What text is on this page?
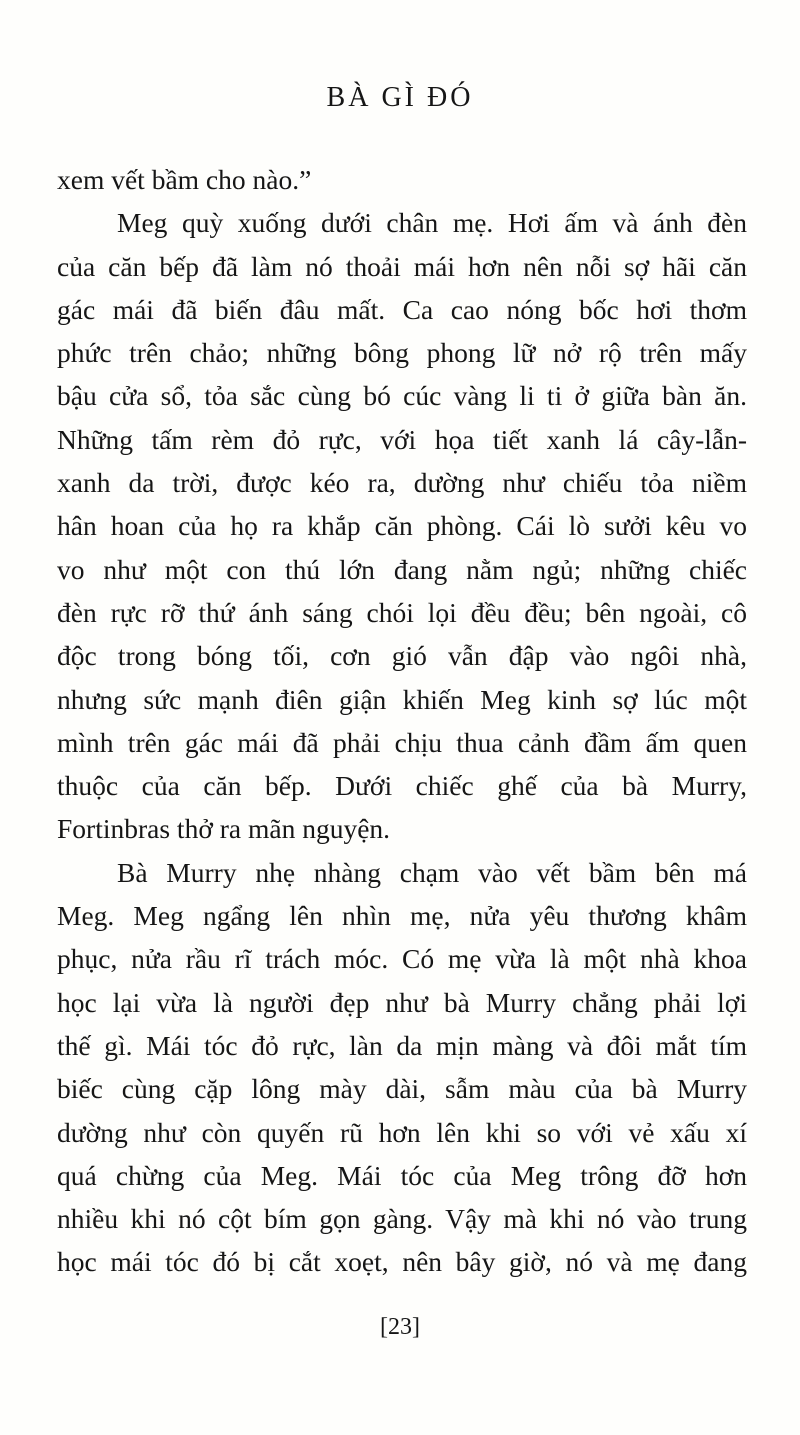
BÀ GÌ ĐÓ
xem vết bầm cho nào.”
Meg quỳ xuống dưới chân mẹ. Hơi ấm và ánh đèn
của căn bếp đã làm nó thoải mái hơn nên nỗi sợ hãi căn
gác mái đã biến đâu mất. Ca cao nóng bốc hơi thơm
phức trên chảo; những bông phong lữ nở rộ trên mấy
bậu cửa sổ, tỏa sắc cùng bó cúc vàng li ti ở giữa bàn ăn.
Những tấm rèm đỏ rực, với họa tiết xanh lá cây-lẫn-
xanh da trời, được kéo ra, dường như chiếu tỏa niềm
hân hoan của họ ra khắp căn phòng. Cái lò sưởi kêu vo
vo như một con thú lớn đang nằm ngủ; những chiếc
đèn rực rỡ thứ ánh sáng chói lọi đều đều; bên ngoài, cô
độc trong bóng tối, cơn gió vẫn đập vào ngôi nhà,
nhưng sức mạnh điên giận khiến Meg kinh sợ lúc một
mình trên gác mái đã phải chịu thua cảnh đầm ấm quen
thuộc của căn bếp. Dưới chiếc ghế của bà Murry,
Fortinbras thở ra mãn nguyện.
Bà Murry nhẹ nhàng chạm vào vết bầm bên má
Meg. Meg ngẩng lên nhìn mẹ, nửa yêu thương khâm
phục, nửa rầu rĩ trách móc. Có mẹ vừa là một nhà khoa
học lại vừa là người đẹp như bà Murry chẳng phải lợi
thế gì. Mái tóc đỏ rực, làn da mịn màng và đôi mắt tím
biếc cùng cặp lông mày dài, sẫm màu của bà Murry
dường như còn quyến rũ hơn lên khi so với vẻ xấu xí
quá chừng của Meg. Mái tóc của Meg trông đỡ hơn
nhiều khi nó cột bím gọn gàng. Vậy mà khi nó vào trung
học mái tóc đó bị cắt xoẹt, nên bây giờ, nó và mẹ đang
[23]
